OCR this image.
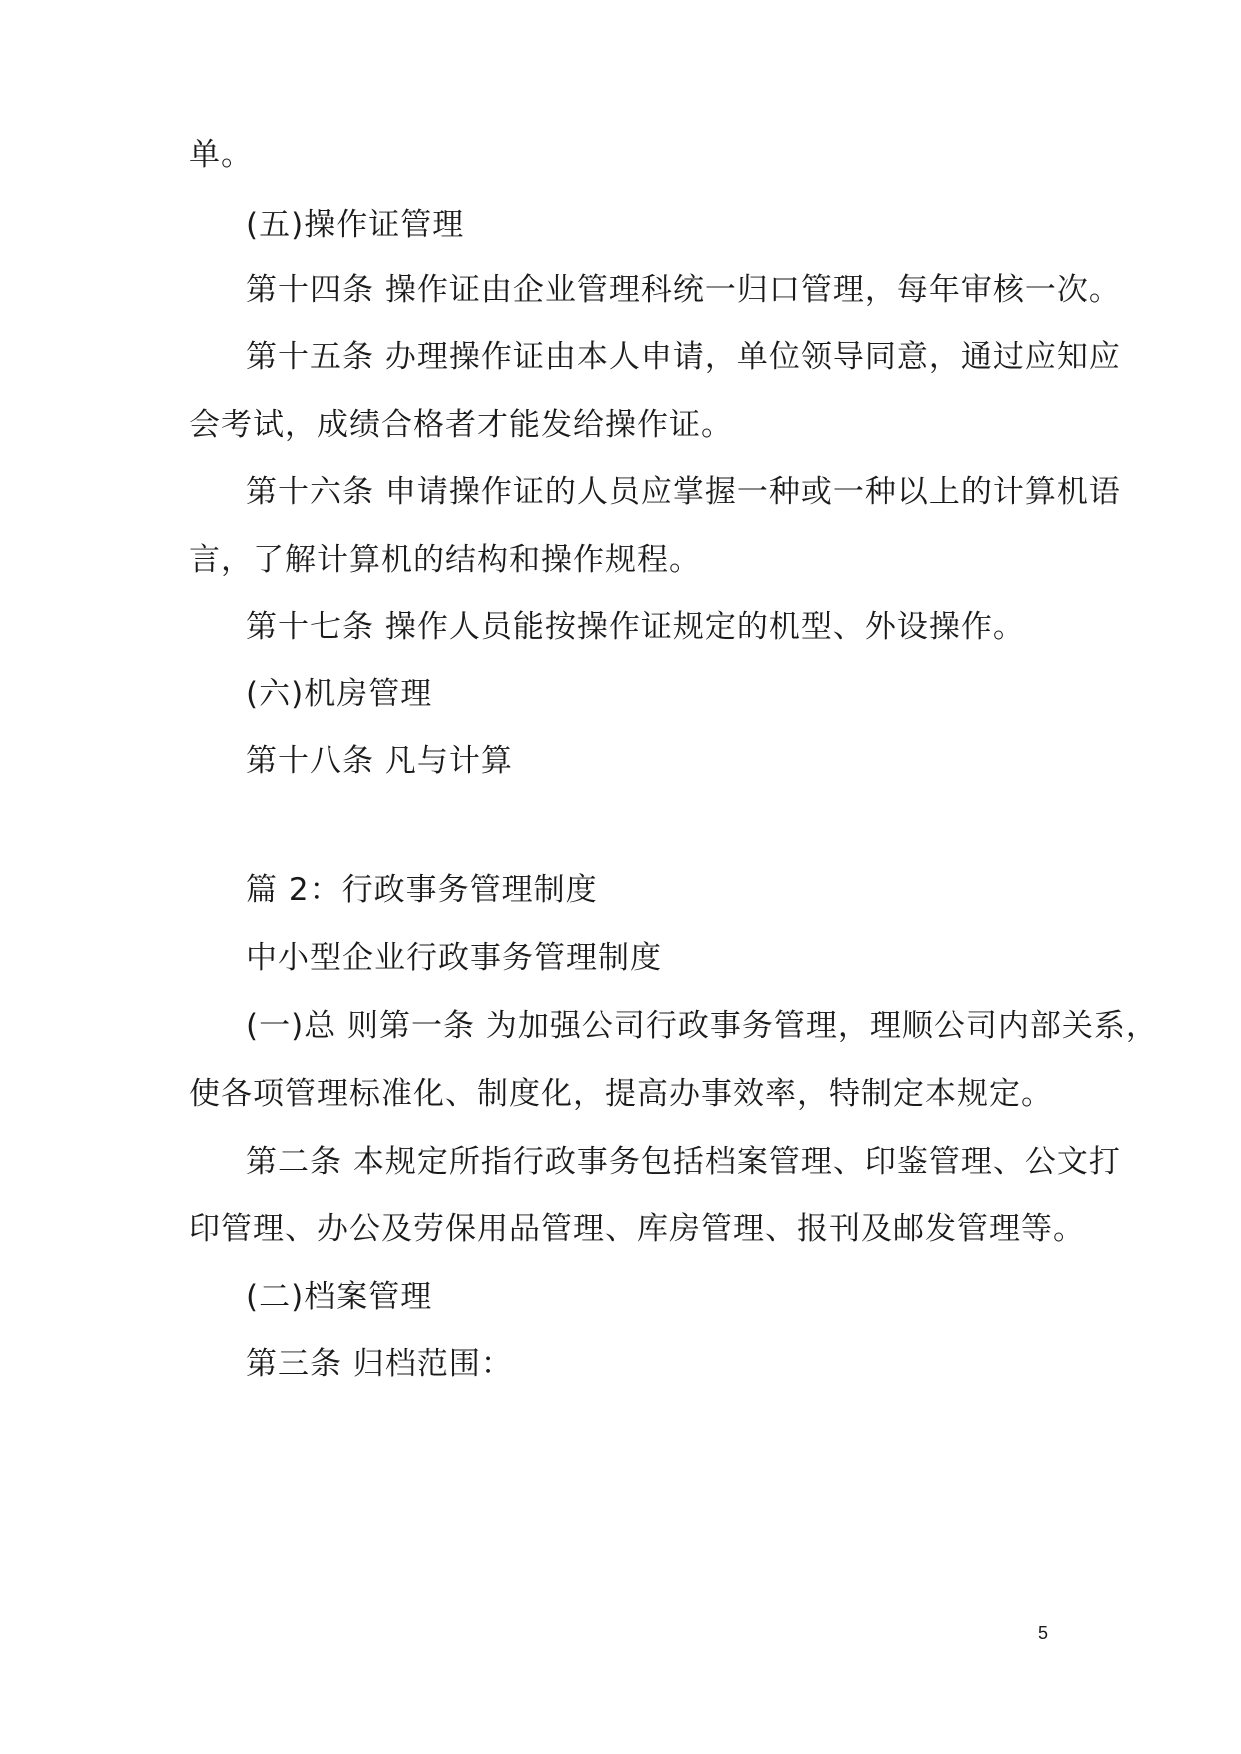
单。
(五)操作证管理
第十四条 操作证由企业管理科统一归口管理，每年审核一次。
第十五条 办理操作证由本人申请，单位领导同意，通过应知应
会考试，成绩合格者才能发给操作证。
第十六条 申请操作证的人员应掌握一种或一种以上的计算机语
言，了解计算机的结构和操作规程。
第十七条 操作人员能按操作证规定的机型、外设操作。
(六)机房管理
第十八条 凡与计算
篇 2：行政事务管理制度
中小型企业行政事务管理制度
(一)总 则第一条 为加强公司行政事务管理，理顺公司内部关系，
使各项管理标准化、制度化，提高办事效率，特制定本规定。
第二条 本规定所指行政事务包括档案管理、印鉴管理、公文打
印管理、办公及劳保用品管理、库房管理、报刊及邮发管理等。
(二)档案管理
第三条 归档范围：
5
